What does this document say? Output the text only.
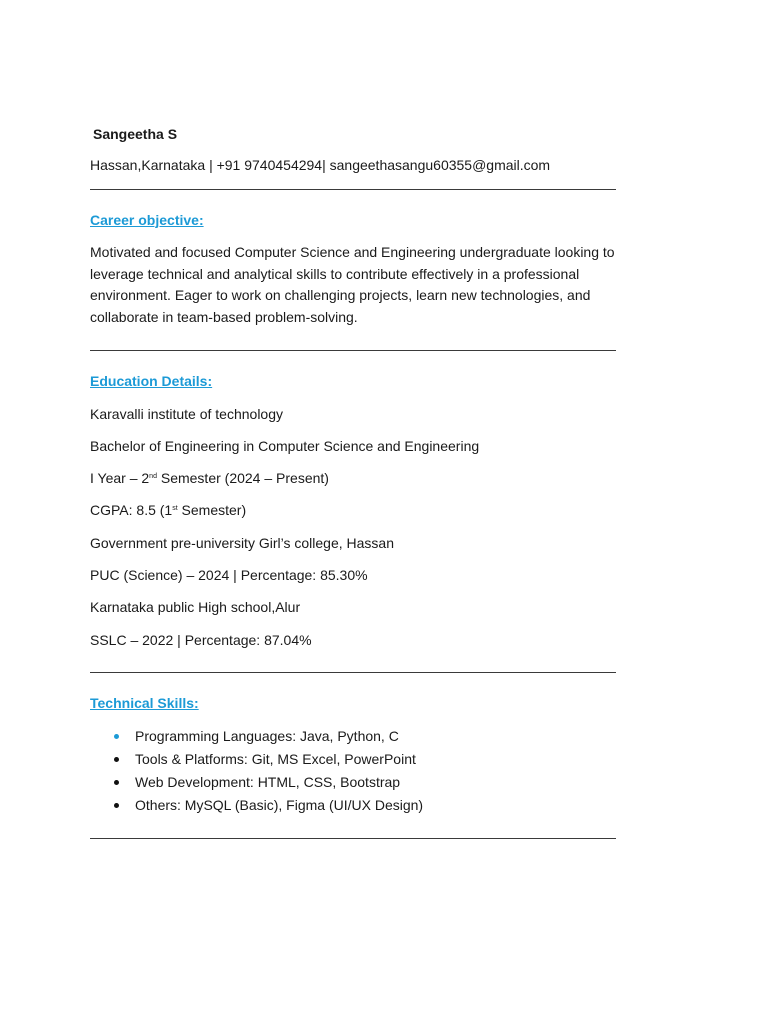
Sangeetha S
Hassan,Karnataka | +91 9740454294| sangeethasangu60355@gmail.com
Career objective:
Motivated and focused Computer Science and Engineering undergraduate looking to leverage technical and analytical skills to contribute effectively in a professional environment. Eager to work on challenging projects, learn new technologies, and collaborate in team-based problem-solving.
Education Details:
Karavalli institute of technology
Bachelor of Engineering in Computer Science and Engineering
I Year – 2nd Semester (2024 – Present)
CGPA: 8.5 (1st Semester)
Government pre-university Girl’s college, Hassan
PUC (Science) – 2024 | Percentage: 85.30%
Karnataka public High school,Alur
SSLC – 2022 | Percentage: 87.04%
Technical Skills:
Programming Languages: Java, Python, C
Tools & Platforms: Git, MS Excel, PowerPoint
Web Development: HTML, CSS, Bootstrap
Others: MySQL (Basic), Figma (UI/UX Design)
